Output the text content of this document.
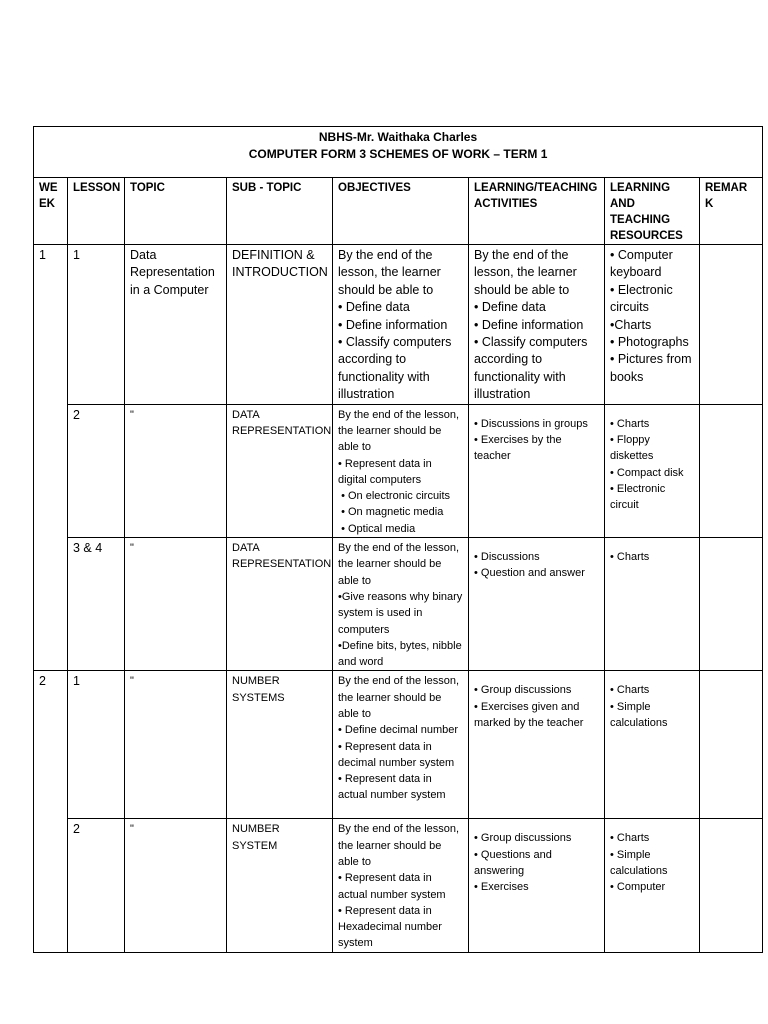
NBHS-Mr. Waithaka Charles
COMPUTER FORM 3 SCHEMES OF WORK – TERM 1							

WE EK	LESSON	TOPIC	SUB - TOPIC	OBJECTIVES	LEARNING/TEACHING ACTIVITIES	LEARNING AND TEACHING RESOURCES	REMAR K
1	1	Data Representation in a Computer	DEFINITION & INTRODUCTION	By the end of the lesson, the learner should be able to
• Define data
• Define information
• Classify computers according to functionality with illustration	By the end of the lesson, the learner should be able to
• Define data
• Define information
• Classify computers according to functionality with illustration	• Computer keyboard
• Electronic circuits
•Charts
• Photographs
• Pictures from books	

	2	"	DATA REPRESENTATION	By the end of the lesson, the learner should be able to
• Represent data in digital computers
• On electronic circuits
• On magnetic media
• Optical media	• Discussions in groups
• Exercises by the teacher	• Charts
• Floppy diskettes
• Compact disk
• Electronic circuit	

	3 & 4	"	DATA REPRESENTATION	By the end of the lesson, the learner should be able to
•Give reasons why binary system is used in computers
•Define bits, bytes, nibble and word	• Discussions
• Question and answer	• Charts	

2	1	"	NUMBER SYSTEMS	By the end of the lesson, the learner should be able to
• Define decimal number
• Represent data in decimal number system
• Represent data in actual number system	• Group discussions
• Exercises given and marked by the teacher	• Charts
• Simple calculations	

	2	"	NUMBER SYSTEM	By the end of the lesson, the learner should be able to
• Represent data in actual number system
• Represent data in Hexadecimal number system	• Group discussions
• Questions and answering
• Exercises	• Charts
• Simple calculations
• Computer	
